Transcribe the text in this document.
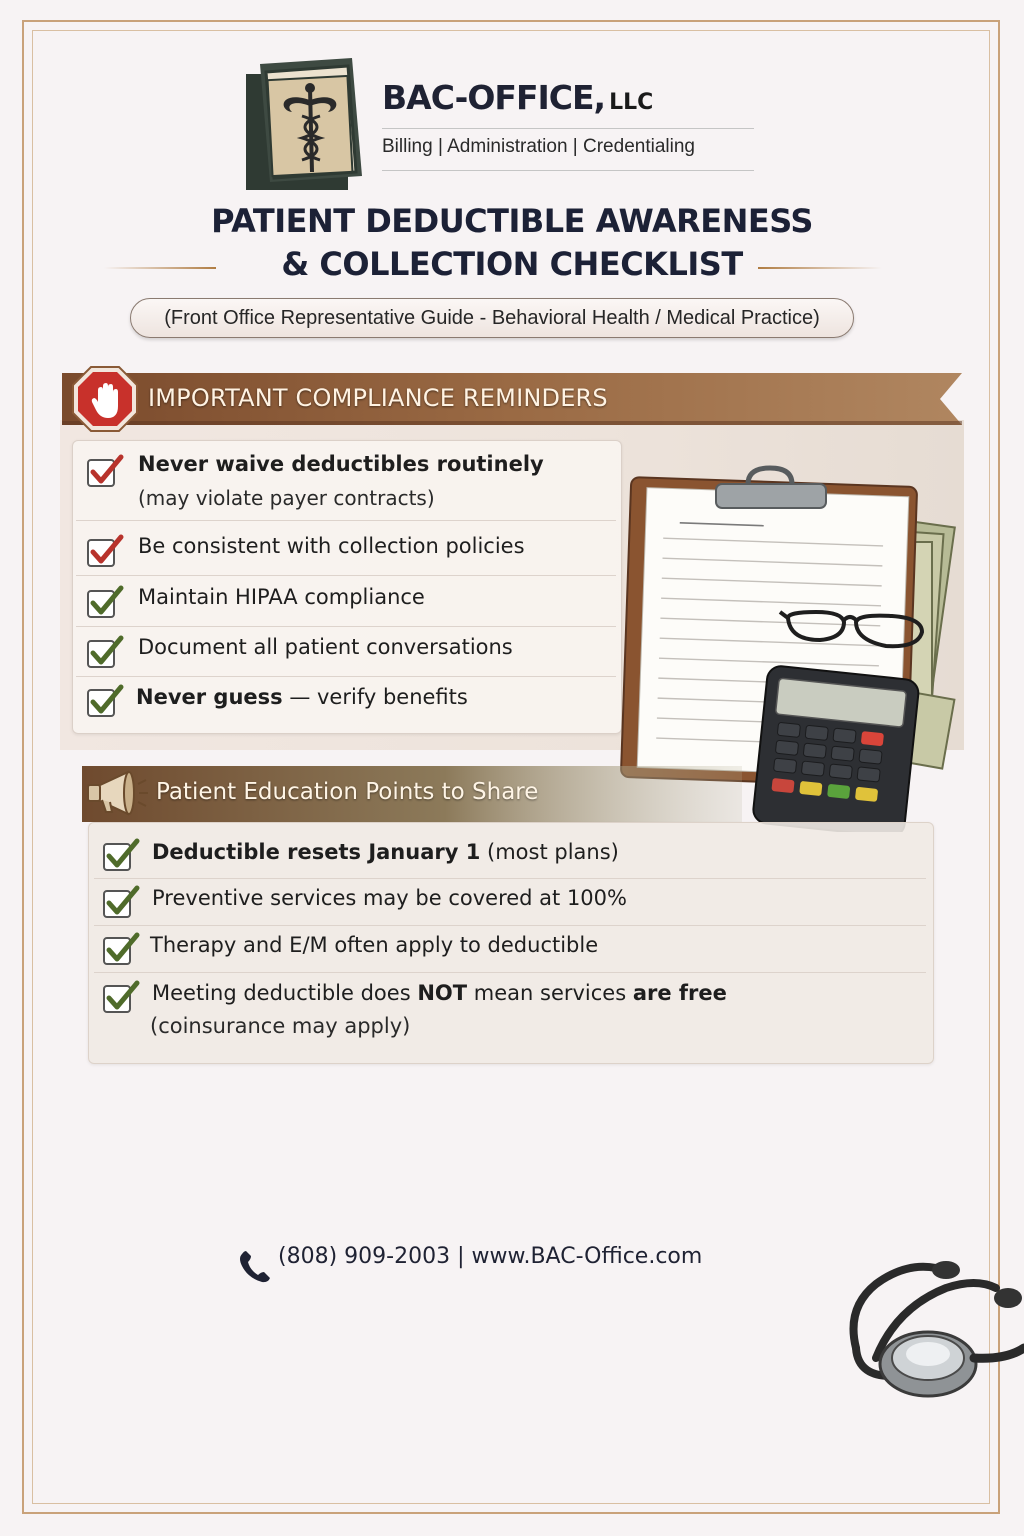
BAC-OFFICE, LLC
Billing | Administration | Credentialing
PATIENT DEDUCTIBLE AWARENESS
& COLLECTION CHECKLIST
(Front Office Representative Guide - Behavioral Health / Medical Practice)
IMPORTANT COMPLIANCE REMINDERS
Never waive deductibles routinely
(may violate payer contracts)
Be consistent with collection policies
Maintain HIPAA compliance
Document all patient conversations
Never guess — verify benefits
Patient Education Points to Share
Deductible resets January 1 (most plans)
Preventive services may be covered at 100%
Therapy and E/M often apply to deductible
Meeting deductible does NOT mean services are free
(coinsurance may apply)
(808) 909-2003 | www.BAC-Office.com
